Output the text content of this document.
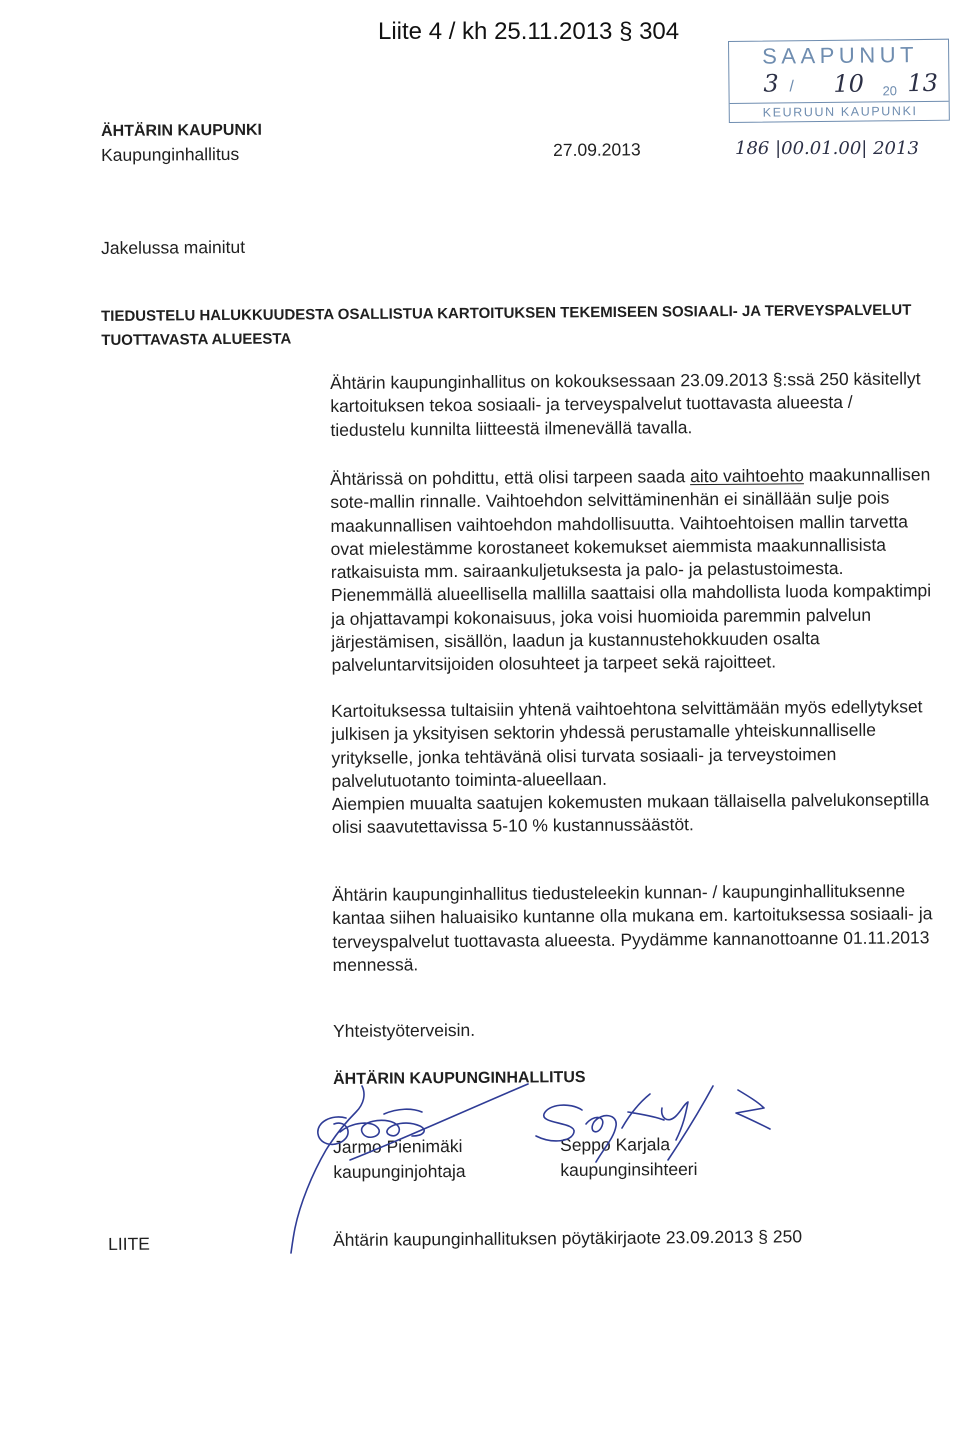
Liite 4 / kh 25.11.2013 § 304
SAAPUNUT
3 / 10 20 13
KEURUUN KAUPUNKI
186 |00.01.00| 2013
ÄHTÄRIN KAUPUNKI
Kaupunginhallitus	27.09.2013
Jakelussa mainitut
TIEDUSTELU HALUKKUUDESTA OSALLISTUA KARTOITUKSEN TEKEMISEEN SOSIAALI- JA TERVEYSPALVELUT
TUOTTAVASTA ALUEESTA
Ähtärin kaupunginhallitus on kokouksessaan 23.09.2013 §:ssä 250 käsitellyt
kartoituksen tekoa sosiaali- ja terveyspalvelut tuottavasta alueesta /
tiedustelu kunnilta liitteestä ilmenevällä tavalla.
Ähtärissä on pohdittu, että olisi tarpeen saada aito vaihtoehto maakunnallisen
sote-mallin rinnalle. Vaihtoehdon selvittäminenhän ei sinällään sulje pois
maakunnallisen vaihtoehdon mahdollisuutta. Vaihtoehtoisen mallin tarvetta
ovat mielestämme korostaneet kokemukset aiemmista maakunnallisista
ratkaisuista mm. sairaankuljetuksesta ja palo- ja pelastustoimesta.
Pienemmällä alueellisella mallilla saattaisi olla mahdollista luoda kompaktimpi
ja ohjattavampi kokonaisuus, joka voisi huomioida paremmin palvelun
järjestämisen, sisällön, laadun ja kustannustehokkuuden osalta
palveluntarvitsijoiden olosuhteet ja tarpeet sekä rajoitteet.
Kartoituksessa tultaisiin yhtenä vaihtoehtona selvittämään myös edellytykset
julkisen ja yksityisen sektorin yhdessä perustamalle yhteiskunnalliselle
yritykselle, jonka tehtävänä olisi turvata sosiaali- ja terveystoimen
palvelutuotanto toiminta-alueellaan.
Aiempien muualta saatujen kokemusten mukaan tällaisella palvelukonseptilla
olisi saavutettavissa 5-10 % kustannussäästöt.
Ähtärin kaupunginhallitus tiedusteleekin kunnan- / kaupunginhallituksenne
kantaa siihen haluaisiko kuntanne olla mukana em. kartoituksessa sosiaali- ja
terveyspalvelut tuottavasta alueesta. Pyydämme kannanottoanne 01.11.2013
mennessä.
Yhteistyöterveisin.
ÄHTÄRIN KAUPUNGINHALLITUS
Jarmo Pienimäki
kaupunginjohtaja
Seppo Karjala
kaupunginsihteeri
LIITE	Ähtärin kaupunginhallituksen pöytäkirjaote 23.09.2013 § 250
